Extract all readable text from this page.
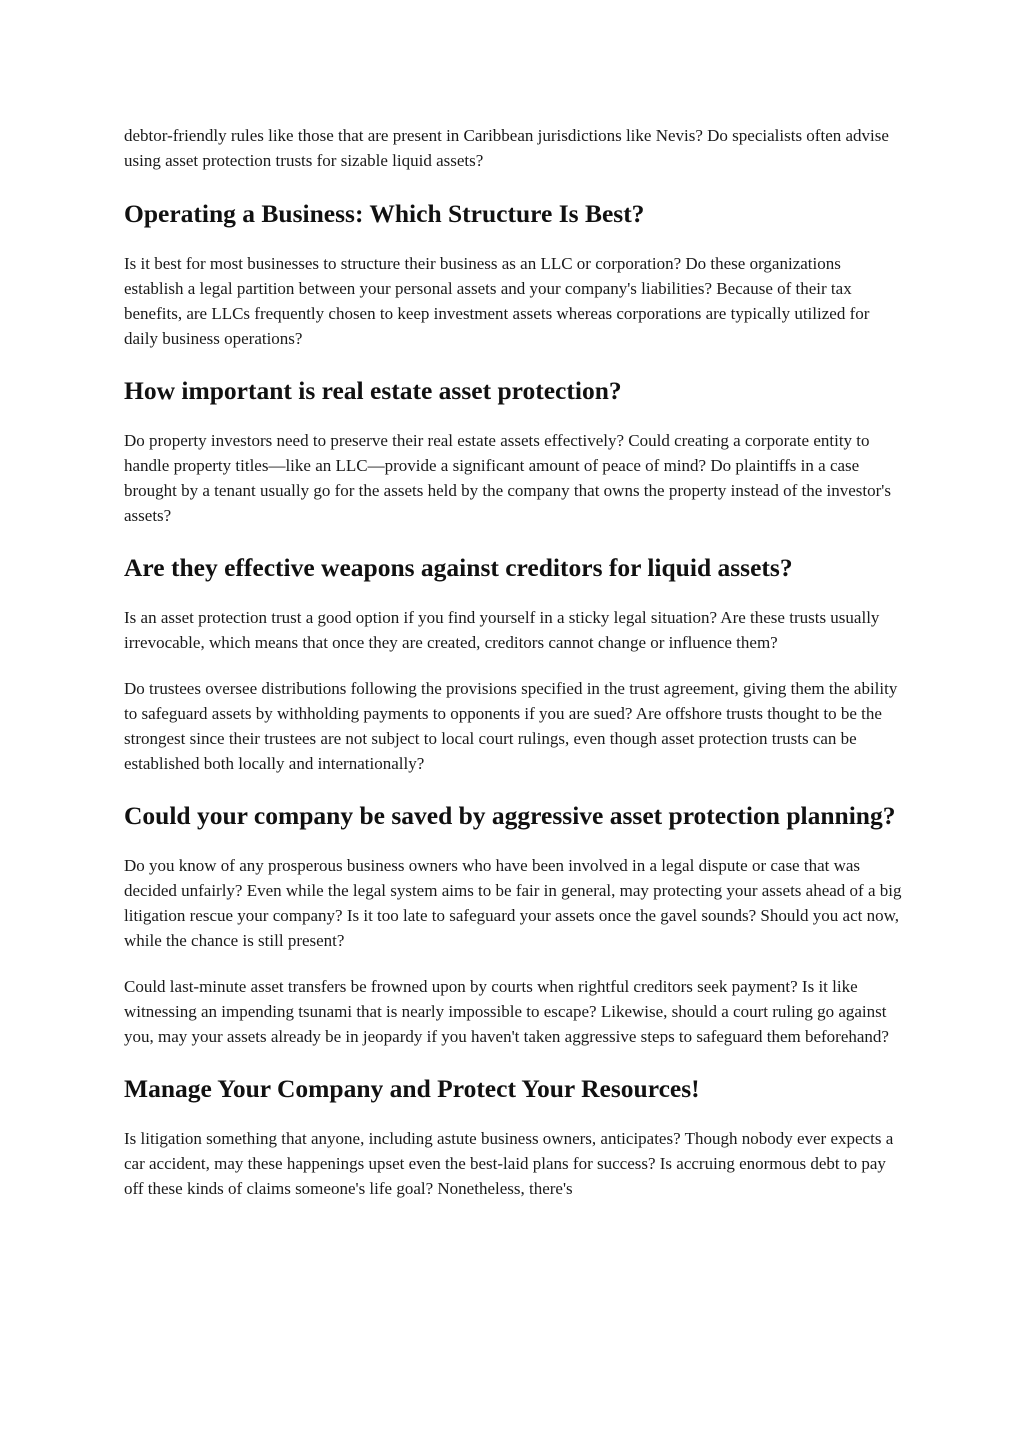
debtor-friendly rules like those that are present in Caribbean jurisdictions like Nevis? Do specialists often advise using asset protection trusts for sizable liquid assets?

Operating a Business: Which Structure Is Best?

Is it best for most businesses to structure their business as an LLC or corporation? Do these organizations establish a legal partition between your personal assets and your company's liabilities? Because of their tax benefits, are LLCs frequently chosen to keep investment assets whereas corporations are typically utilized for daily business operations?

How important is real estate asset protection?

Do property investors need to preserve their real estate assets effectively? Could creating a corporate entity to handle property titles—like an LLC—provide a significant amount of peace of mind? Do plaintiffs in a case brought by a tenant usually go for the assets held by the company that owns the property instead of the investor's assets?

Are they effective weapons against creditors for liquid assets?

Is an asset protection trust a good option if you find yourself in a sticky legal situation? Are these trusts usually irrevocable, which means that once they are created, creditors cannot change or influence them?

Do trustees oversee distributions following the provisions specified in the trust agreement, giving them the ability to safeguard assets by withholding payments to opponents if you are sued? Are offshore trusts thought to be the strongest since their trustees are not subject to local court rulings, even though asset protection trusts can be established both locally and internationally?

Could your company be saved by aggressive asset protection planning?

Do you know of any prosperous business owners who have been involved in a legal dispute or case that was decided unfairly? Even while the legal system aims to be fair in general, may protecting your assets ahead of a big litigation rescue your company? Is it too late to safeguard your assets once the gavel sounds? Should you act now, while the chance is still present?

Could last-minute asset transfers be frowned upon by courts when rightful creditors seek payment? Is it like witnessing an impending tsunami that is nearly impossible to escape? Likewise, should a court ruling go against you, may your assets already be in jeopardy if you haven't taken aggressive steps to safeguard them beforehand?

Manage Your Company and Protect Your Resources!

Is litigation something that anyone, including astute business owners, anticipates? Though nobody ever expects a car accident, may these happenings upset even the best-laid plans for success? Is accruing enormous debt to pay off these kinds of claims someone's life goal? Nonetheless, there's
